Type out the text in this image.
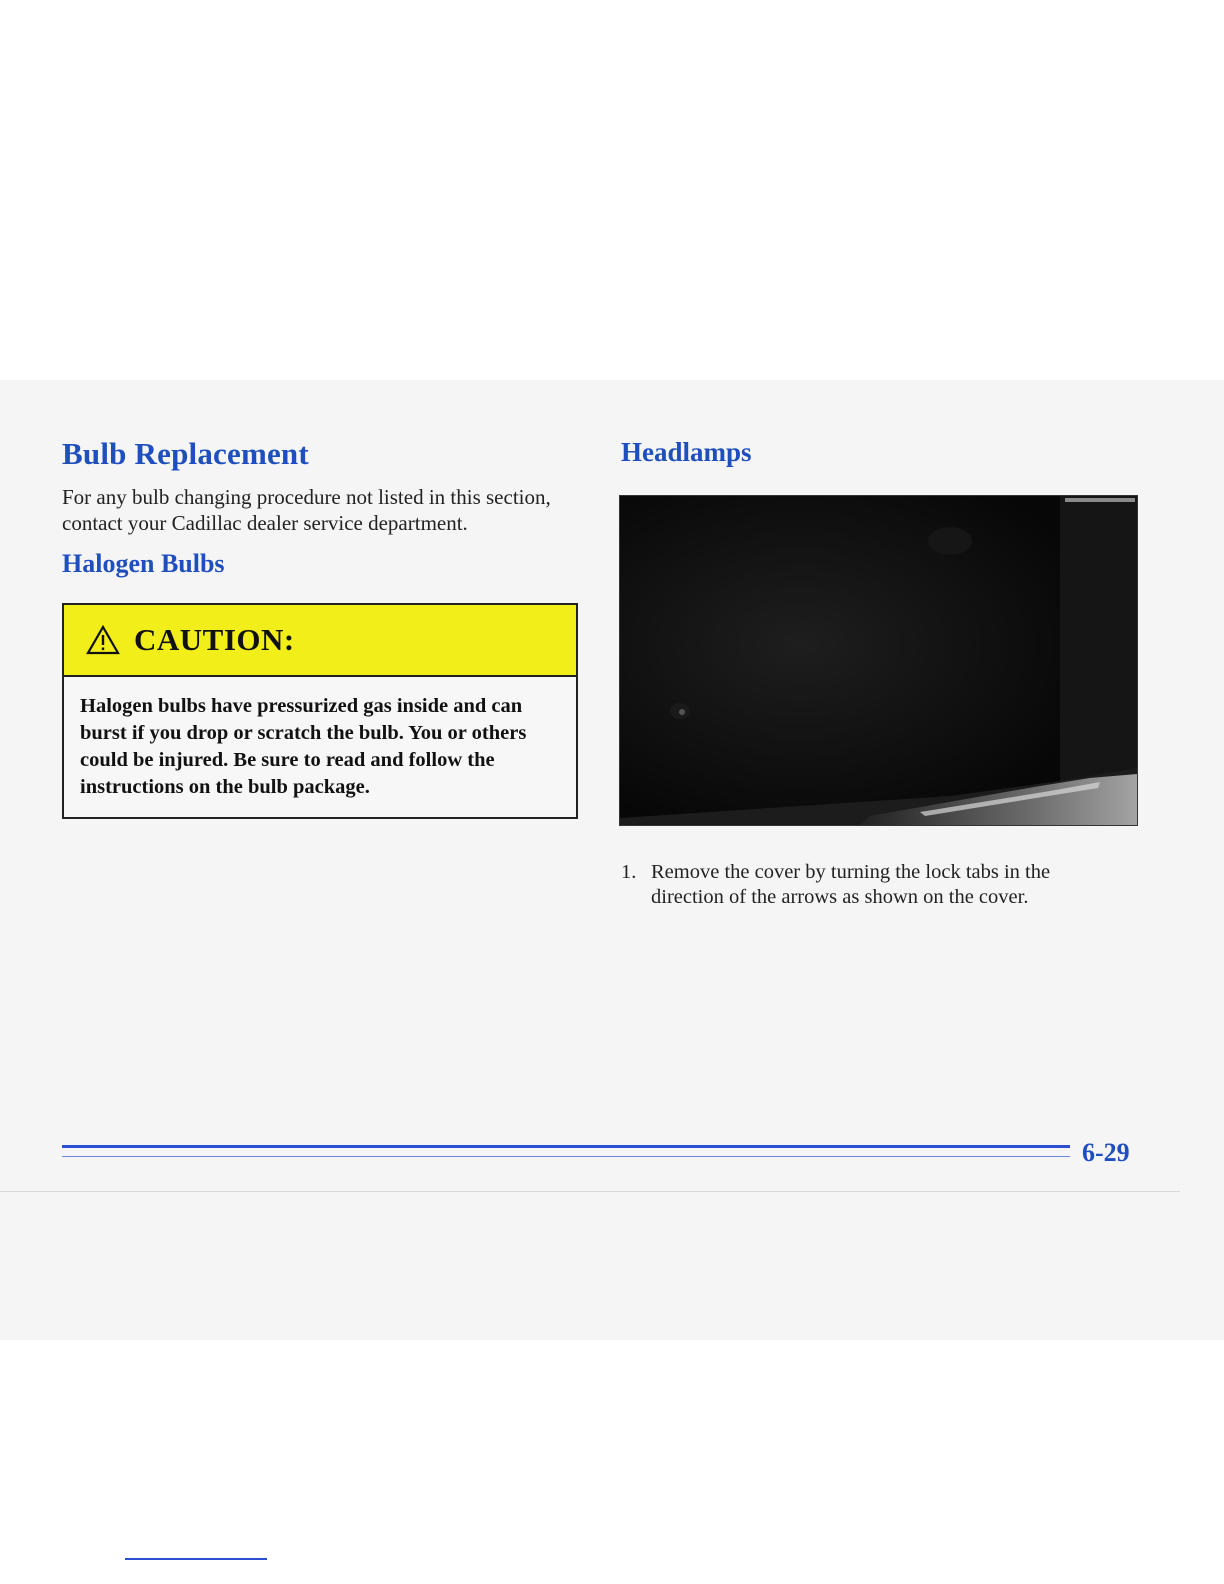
Bulb Replacement

For any bulb changing procedure not listed in this section, contact your Cadillac dealer service department.

Halogen Bulbs
CAUTION:

Halogen bulbs have pressurized gas inside and can burst if you drop or scratch the bulb. You or others could be injured. Be sure to read and follow the instructions on the bulb package.

Headlamps
1. Remove the cover by turning the lock tabs in the direction of the arrows as shown on the cover.

6-29
